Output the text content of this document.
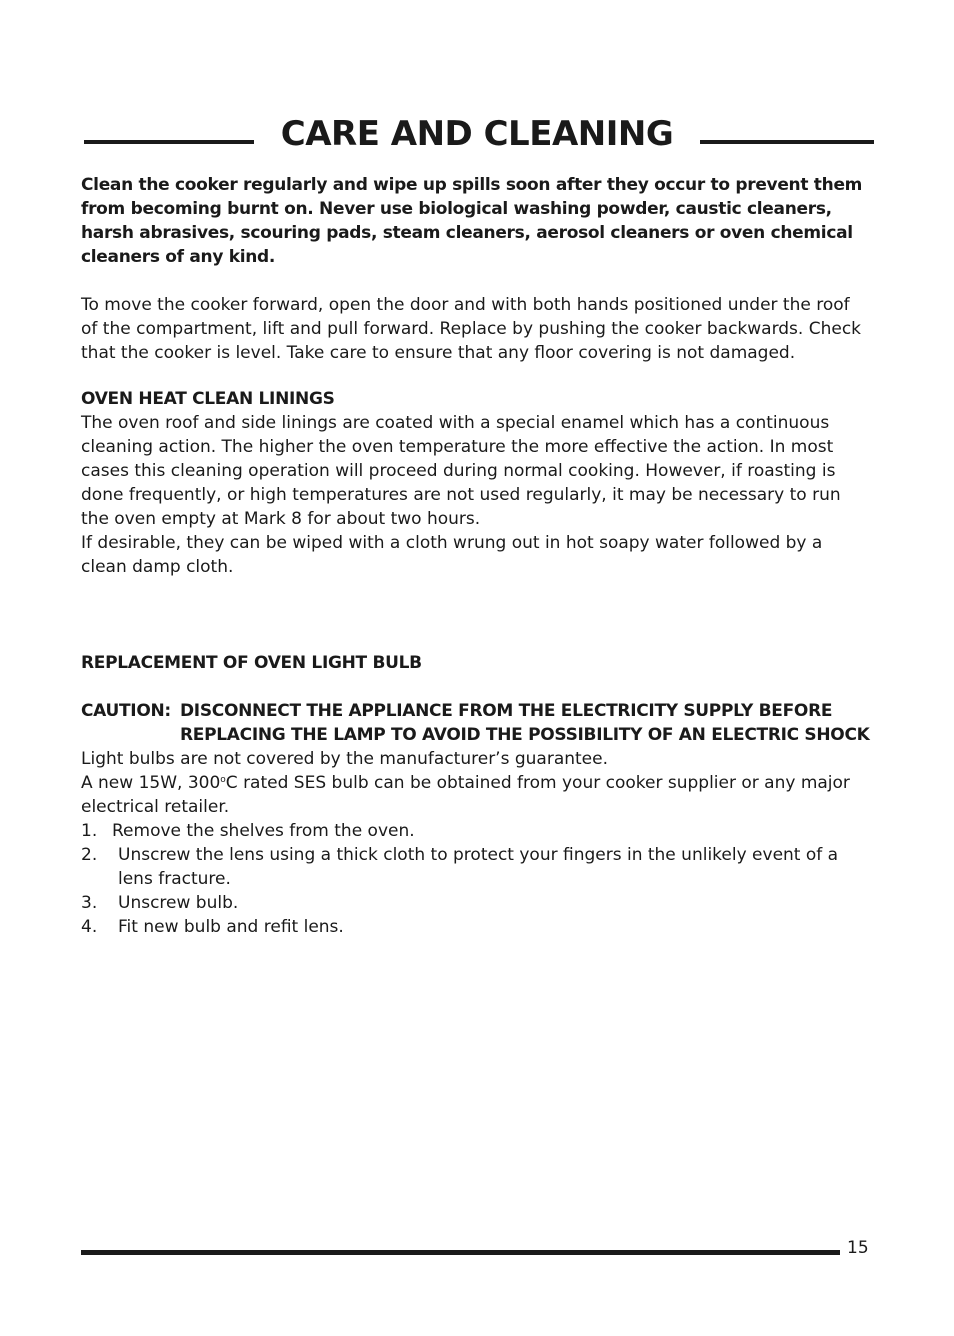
CARE AND CLEANING

Clean the cooker regularly and wipe up spills soon after they occur to prevent them from becoming burnt on. Never use biological washing powder, caustic cleaners, harsh abrasives, scouring pads, steam cleaners, aerosol cleaners or oven chemical cleaners of any kind.

To move the cooker forward, open the door and with both hands positioned under the roof of the compartment, lift and pull forward. Replace by pushing the cooker backwards. Check that the cooker is level. Take care to ensure that any floor covering is not damaged.

OVEN HEAT CLEAN LININGS

The oven roof and side linings are coated with a special enamel which has a continuous cleaning action. The higher the oven temperature the more effective the action. In most cases this cleaning operation will proceed during normal cooking. However, if roasting is done frequently, or high temperatures are not used regularly, it may be necessary to run the oven empty at Mark 8 for about two hours.

If desirable, they can be wiped with a cloth wrung out in hot soapy water followed by a clean damp cloth.

REPLACEMENT OF OVEN LIGHT BULB
CAUTION: DISCONNECT THE APPLIANCE FROM THE ELECTRICITY SUPPLY BEFORE REPLACING THE LAMP TO AVOID THE POSSIBILITY OF AN ELECTRIC SHOCK

Light bulbs are not covered by the manufacturer’s guarantee.

A new 15W, 300$^o$C rated SES bulb can be obtained from your cooker supplier or any major electrical retailer.

1. Remove the shelves from the oven.
2.	Unscrew the lens using a thick cloth to protect your fingers in the unlikely event of a lens fracture.
3.	Unscrew bulb.
4.	Fit new bulb and refit lens.
15
